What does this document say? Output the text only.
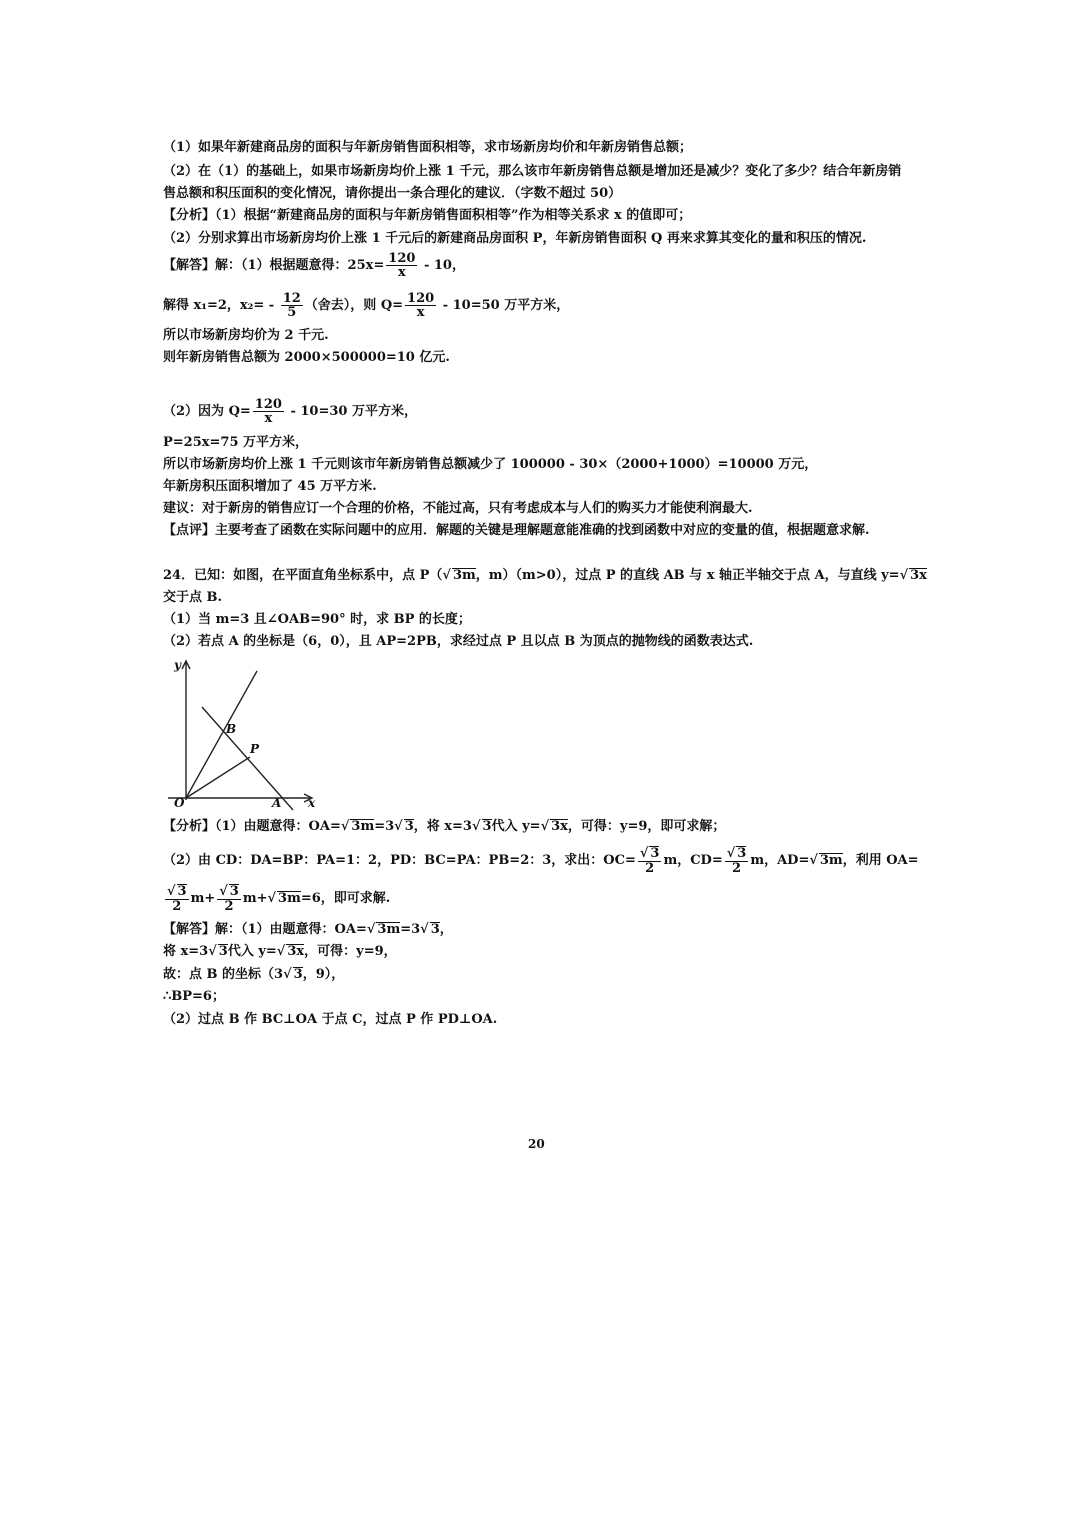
（1）如果年新建商品房的面积与年新房销售面积相等，求市场新房均价和年新房销售总额；
（2）在（1）的基础上，如果市场新房均价上涨 1 千元，那么该市年新房销售总额是增加还是减少？变化了多少？结合年新房销
售总额和积压面积的变化情况，请你提出一条合理化的建议．（字数不超过 50）
【分析】（1）根据“新建商品房的面积与年新房销售面积相等”作为相等关系求 x 的值即可；
（2）分别求算出市场新房均价上涨 1 千元后的新建商品房面积 P，年新房销售面积 Q 再来求算其变化的量和积压的情况.
【解答】解：（1）根据题意得：$25x= \frac{120}{x} - 10$，
解得 x₁=2，$x_2= - \frac{12}{5}$ （舍去），则 $Q= \frac{120}{x} - 10=50$ 万平方米，
所以市场新房均价为 2 千元.
则年新房销售总额为 2000×500000=10 亿元.
（2）因为 $Q= \frac{120}{x} - 10=30$ 万平方米，
P=25x=75 万平方米，
所以市场新房均价上涨 1 千元则该市年新房销售总额减少了 100000 - 30×（2000+1000）=10000 万元，
年新房积压面积增加了 45 万平方米.
建议：对于新房的销售应订一个合理的价格，不能过高，只有考虑成本与人们的购买力才能使利润最大.
【点评】主要考查了函数在实际问题中的应用．解题的关键是理解题意能准确的找到函数中对应的变量的值，根据题意求解.
24．已知：如图，在平面直角坐标系中，点 P（√ 3m，m）（m>0），过点 P 的直线 AB 与 x 轴正半轴交于点 A，与直线 y=√ 3x
交于点 B.
（1）当 m=3 且∠OAB=90° 时，求 BP 的长度；
（2）若点 A 的坐标是（6，0），且 AP=2PB，求经过点 P 且以点 B 为顶点的抛物线的函数表达式.
y
x
O	A
B
P
【分析】（1）由题意得：OA=√ 3m=3√ 3，将 x=3√ 3代入 y=√ 3x，可得：y=9，即可求解；
（2）由 CD：DA=BP：PA=1：2，PD：BC=PA：PB=2：3，求出：$OC= \frac{√ 3}{2}$ m，$CD= \frac{√ 3}{2}$ m，AD=√ 3m，利用 OA=
$\frac{√ 3}{2} m+ \frac{√ 3}{2} m+√$ 3m=6，即可求解.
【解答】解：（1）由题意得：OA=√ 3m=3√ 3，
将 x=3√ 3代入 y=√ 3x，可得：y=9，
故：点 B 的坐标（3√ 3，9），
∴BP=6；
（2）过点 B 作 BC⊥OA 于点 C，过点 P 作 PD⊥OA.
20
